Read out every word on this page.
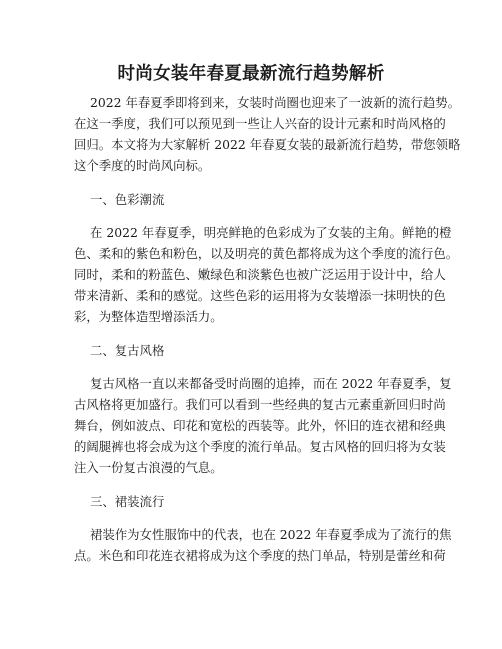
时尚女装年春夏最新流行趋势解析

2022 年春夏季即将到来，女装时尚圈也迎来了一波新的流行趋势。

在这一季度，我们可以预见到一些让人兴奋的设计元素和时尚风格的

回归。本文将为大家解析 2022 年春夏女装的最新流行趋势，带您领略

这个季度的时尚风向标。

一、色彩潮流

在 2022 年春夏季，明亮鲜艳的色彩成为了女装的主角。鲜艳的橙

色、柔和的紫色和粉色，以及明亮的黄色都将成为这个季度的流行色。

同时，柔和的粉蓝色、嫩绿色和淡紫色也被广泛运用于设计中，给人

带来清新、柔和的感觉。这些色彩的运用将为女装增添一抹明快的色

彩，为整体造型增添活力。

二、复古风格

复古风格一直以来都备受时尚圈的追捧，而在 2022 年春夏季，复

古风格将更加盛行。我们可以看到一些经典的复古元素重新回归时尚

舞台，例如波点、印花和宽松的西装等。此外，怀旧的连衣裙和经典

的阔腿裤也将会成为这个季度的流行单品。复古风格的回归将为女装

注入一份复古浪漫的气息。

三、裙装流行

裙装作为女性服饰中的代表，也在 2022 年春夏季成为了流行的焦

点。米色和印花连衣裙将成为这个季度的热门单品，特别是蕾丝和荷
